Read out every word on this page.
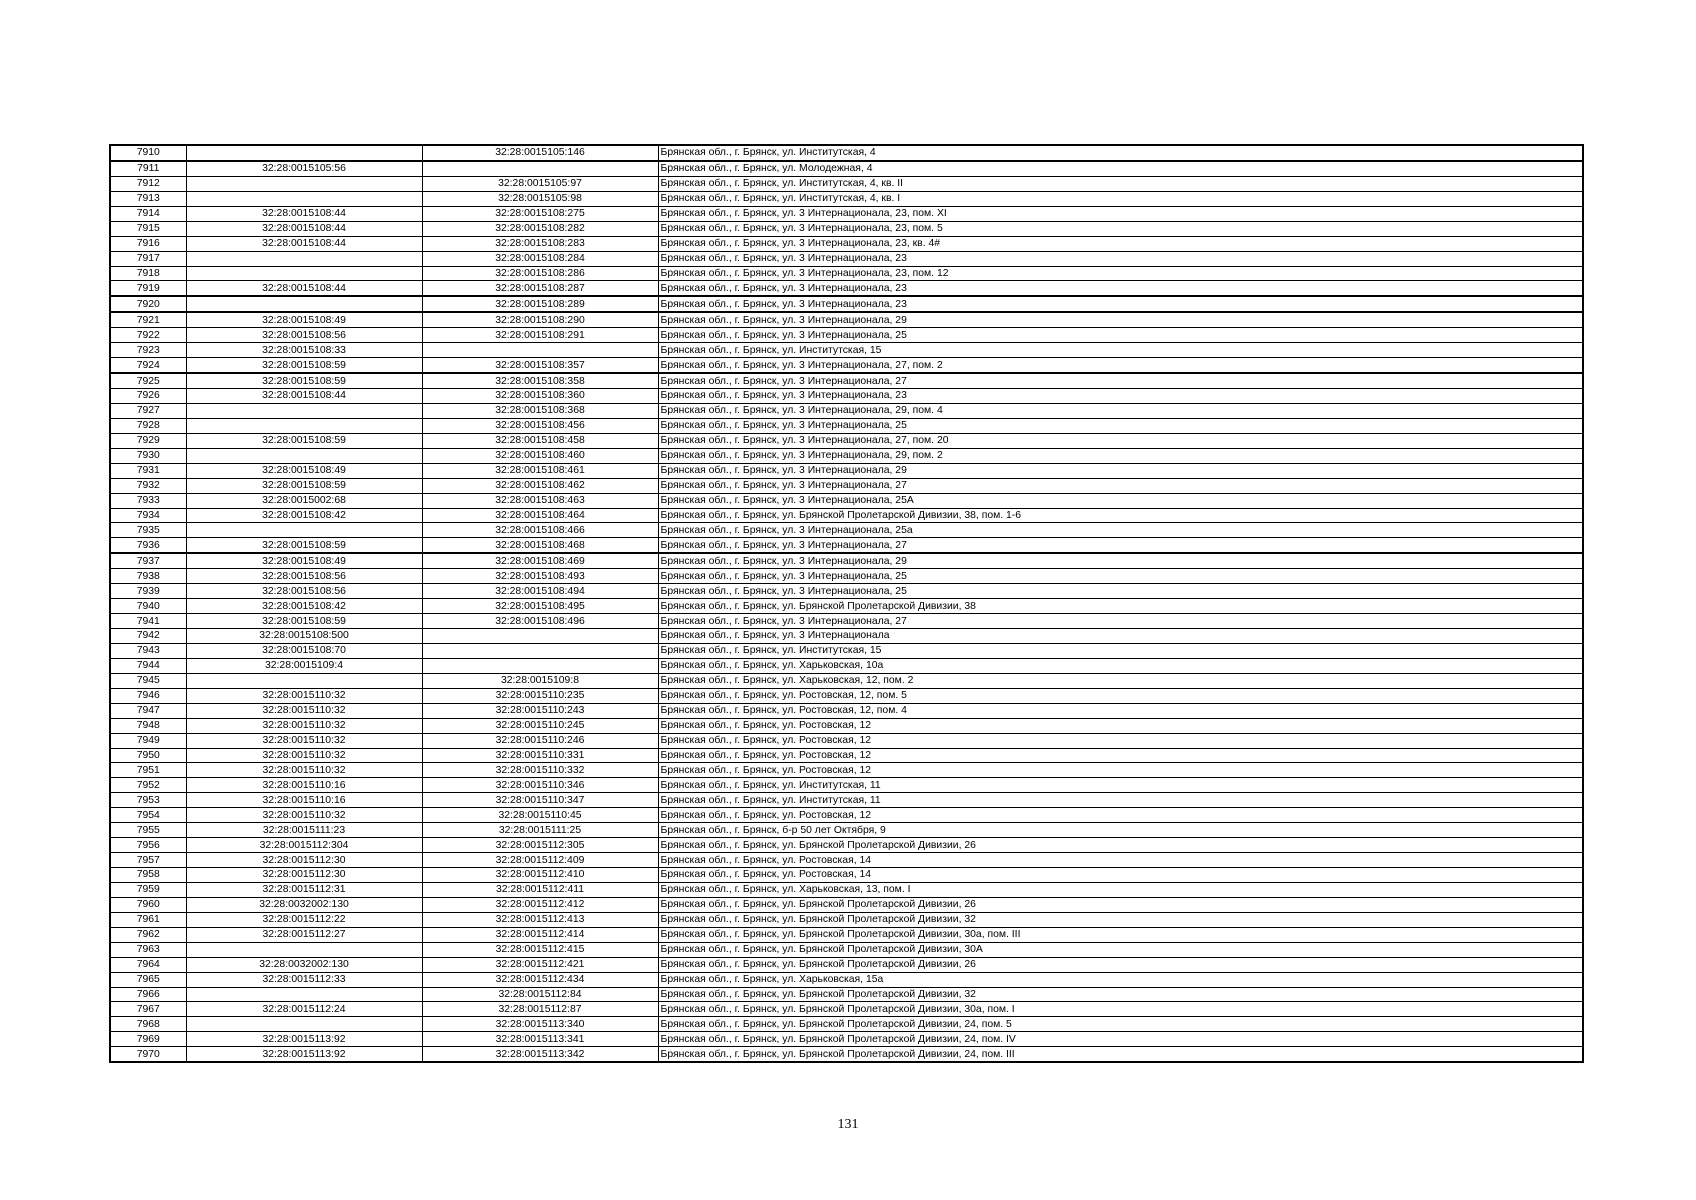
7910		32:28:0015105:146	Брянская обл., г. Брянск, ул. Институтская, 4
7911	32:28:0015105:56		Брянская обл., г. Брянск, ул. Молодежная, 4
7912		32:28:0015105:97	Брянская обл., г. Брянск, ул. Институтская, 4, кв. II
7913		32:28:0015105:98	Брянская обл., г. Брянск, ул. Институтская, 4, кв. I
7914	32:28:0015108:44	32:28:0015108:275	Брянская обл., г. Брянск, ул. 3 Интернационала, 23, пом. XI
7915	32:28:0015108:44	32:28:0015108:282	Брянская обл., г. Брянск, ул. 3 Интернационала, 23, пом. 5
7916	32:28:0015108:44	32:28:0015108:283	Брянская обл., г. Брянск, ул. 3 Интернационала, 23, кв. 4#
7917		32:28:0015108:284	Брянская обл., г. Брянск, ул. 3 Интернационала, 23
7918		32:28:0015108:286	Брянская обл., г. Брянск, ул. 3 Интернационала, 23, пом. 12
7919	32:28:0015108:44	32:28:0015108:287	Брянская обл., г. Брянск, ул. 3 Интернационала, 23
7920		32:28:0015108:289	Брянская обл., г. Брянск, ул. 3 Интернационала, 23
7921	32:28:0015108:49	32:28:0015108:290	Брянская обл., г. Брянск, ул. 3 Интернационала, 29
7922	32:28:0015108:56	32:28:0015108:291	Брянская обл., г. Брянск, ул. 3 Интернационала, 25
7923	32:28:0015108:33		Брянская обл., г. Брянск, ул. Институтская, 15
7924	32:28:0015108:59	32:28:0015108:357	Брянская обл., г. Брянск, ул. 3 Интернационала, 27, пом. 2
7925	32:28:0015108:59	32:28:0015108:358	Брянская обл., г. Брянск, ул. 3 Интернационала, 27
7926	32:28:0015108:44	32:28:0015108:360	Брянская обл., г. Брянск, ул. 3 Интернационала, 23
7927		32:28:0015108:368	Брянская обл., г. Брянск, ул. 3 Интернационала, 29, пом. 4
7928		32:28:0015108:456	Брянская обл., г. Брянск, ул. 3 Интернационала, 25
7929	32:28:0015108:59	32:28:0015108:458	Брянская обл., г. Брянск, ул. 3 Интернационала, 27, пом. 20
7930		32:28:0015108:460	Брянская обл., г. Брянск, ул. 3 Интернационала, 29, пом. 2
7931	32:28:0015108:49	32:28:0015108:461	Брянская обл., г. Брянск, ул. 3 Интернационала, 29
7932	32:28:0015108:59	32:28:0015108:462	Брянская обл., г. Брянск, ул. 3 Интернационала, 27
7933	32:28:0015002:68	32:28:0015108:463	Брянская обл., г. Брянск, ул. 3 Интернационала, 25А
7934	32:28:0015108:42	32:28:0015108:464	Брянская обл., г. Брянск, ул. Брянской Пролетарской Дивизии, 38, пом. 1-6
7935		32:28:0015108:466	Брянская обл., г. Брянск, ул. 3 Интернационала, 25а
7936	32:28:0015108:59	32:28:0015108:468	Брянская обл., г. Брянск, ул. 3 Интернационала, 27
7937	32:28:0015108:49	32:28:0015108:469	Брянская обл., г. Брянск, ул. 3 Интернационала, 29
7938	32:28:0015108:56	32:28:0015108:493	Брянская обл., г. Брянск, ул. 3 Интернационала, 25
7939	32:28:0015108:56	32:28:0015108:494	Брянская обл., г. Брянск, ул. 3 Интернационала, 25
7940	32:28:0015108:42	32:28:0015108:495	Брянская обл., г. Брянск, ул. Брянской Пролетарской Дивизии, 38
7941	32:28:0015108:59	32:28:0015108:496	Брянская обл., г. Брянск, ул. 3 Интернационала, 27
7942	32:28:0015108:500		Брянская обл., г. Брянск, ул. 3 Интернационала
7943	32:28:0015108:70		Брянская обл., г. Брянск, ул. Институтская, 15
7944	32:28:0015109:4		Брянская обл., г. Брянск, ул. Харьковская, 10а
7945		32:28:0015109:8	Брянская обл., г. Брянск, ул. Харьковская, 12, пом. 2
7946	32:28:0015110:32	32:28:0015110:235	Брянская обл., г. Брянск, ул. Ростовская, 12, пом. 5
7947	32:28:0015110:32	32:28:0015110:243	Брянская обл., г. Брянск, ул. Ростовская, 12, пом. 4
7948	32:28:0015110:32	32:28:0015110:245	Брянская обл., г. Брянск, ул. Ростовская, 12
7949	32:28:0015110:32	32:28:0015110:246	Брянская обл., г. Брянск, ул. Ростовская, 12
7950	32:28:0015110:32	32:28:0015110:331	Брянская обл., г. Брянск, ул. Ростовская, 12
7951	32:28:0015110:32	32:28:0015110:332	Брянская обл., г. Брянск, ул. Ростовская, 12
7952	32:28:0015110:16	32:28:0015110:346	Брянская обл., г. Брянск, ул. Институтская, 11
7953	32:28:0015110:16	32:28:0015110:347	Брянская обл., г. Брянск, ул. Институтская, 11
7954	32:28:0015110:32	32:28:0015110:45	Брянская обл., г. Брянск, ул. Ростовская, 12
7955	32:28:0015111:23	32:28:0015111:25	Брянская обл., г. Брянск, б-р 50 лет Октября, 9
7956	32:28:0015112:304	32:28:0015112:305	Брянская обл., г. Брянск, ул. Брянской Пролетарской Дивизии, 26
7957	32:28:0015112:30	32:28:0015112:409	Брянская обл., г. Брянск, ул. Ростовская, 14
7958	32:28:0015112:30	32:28:0015112:410	Брянская обл., г. Брянск, ул. Ростовская, 14
7959	32:28:0015112:31	32:28:0015112:411	Брянская обл., г. Брянск, ул. Харьковская, 13, пом. I
7960	32:28:0032002:130	32:28:0015112:412	Брянская обл., г. Брянск, ул. Брянской Пролетарской Дивизии, 26
7961	32:28:0015112:22	32:28:0015112:413	Брянская обл., г. Брянск, ул. Брянской Пролетарской Дивизии, 32
7962	32:28:0015112:27	32:28:0015112:414	Брянская обл., г. Брянск, ул. Брянской Пролетарской Дивизии, 30а, пом. III
7963		32:28:0015112:415	Брянская обл., г. Брянск, ул. Брянской Пролетарской Дивизии, 30А
7964	32:28:0032002:130	32:28:0015112:421	Брянская обл., г. Брянск, ул. Брянской Пролетарской Дивизии, 26
7965	32:28:0015112:33	32:28:0015112:434	Брянская обл., г. Брянск, ул. Харьковская, 15а
7966		32:28:0015112:84	Брянская обл., г. Брянск, ул. Брянской Пролетарской Дивизии, 32
7967	32:28:0015112:24	32:28:0015112:87	Брянская обл., г. Брянск, ул. Брянской Пролетарской Дивизии, 30а, пом. I
7968		32:28:0015113:340	Брянская обл., г. Брянск, ул. Брянской Пролетарской Дивизии, 24, пом. 5
7969	32:28:0015113:92	32:28:0015113:341	Брянская обл., г. Брянск, ул. Брянской Пролетарской Дивизии, 24, пом. IV
7970	32:28:0015113:92	32:28:0015113:342	Брянская обл., г. Брянск, ул. Брянской Пролетарской Дивизии, 24, пом. III
131
